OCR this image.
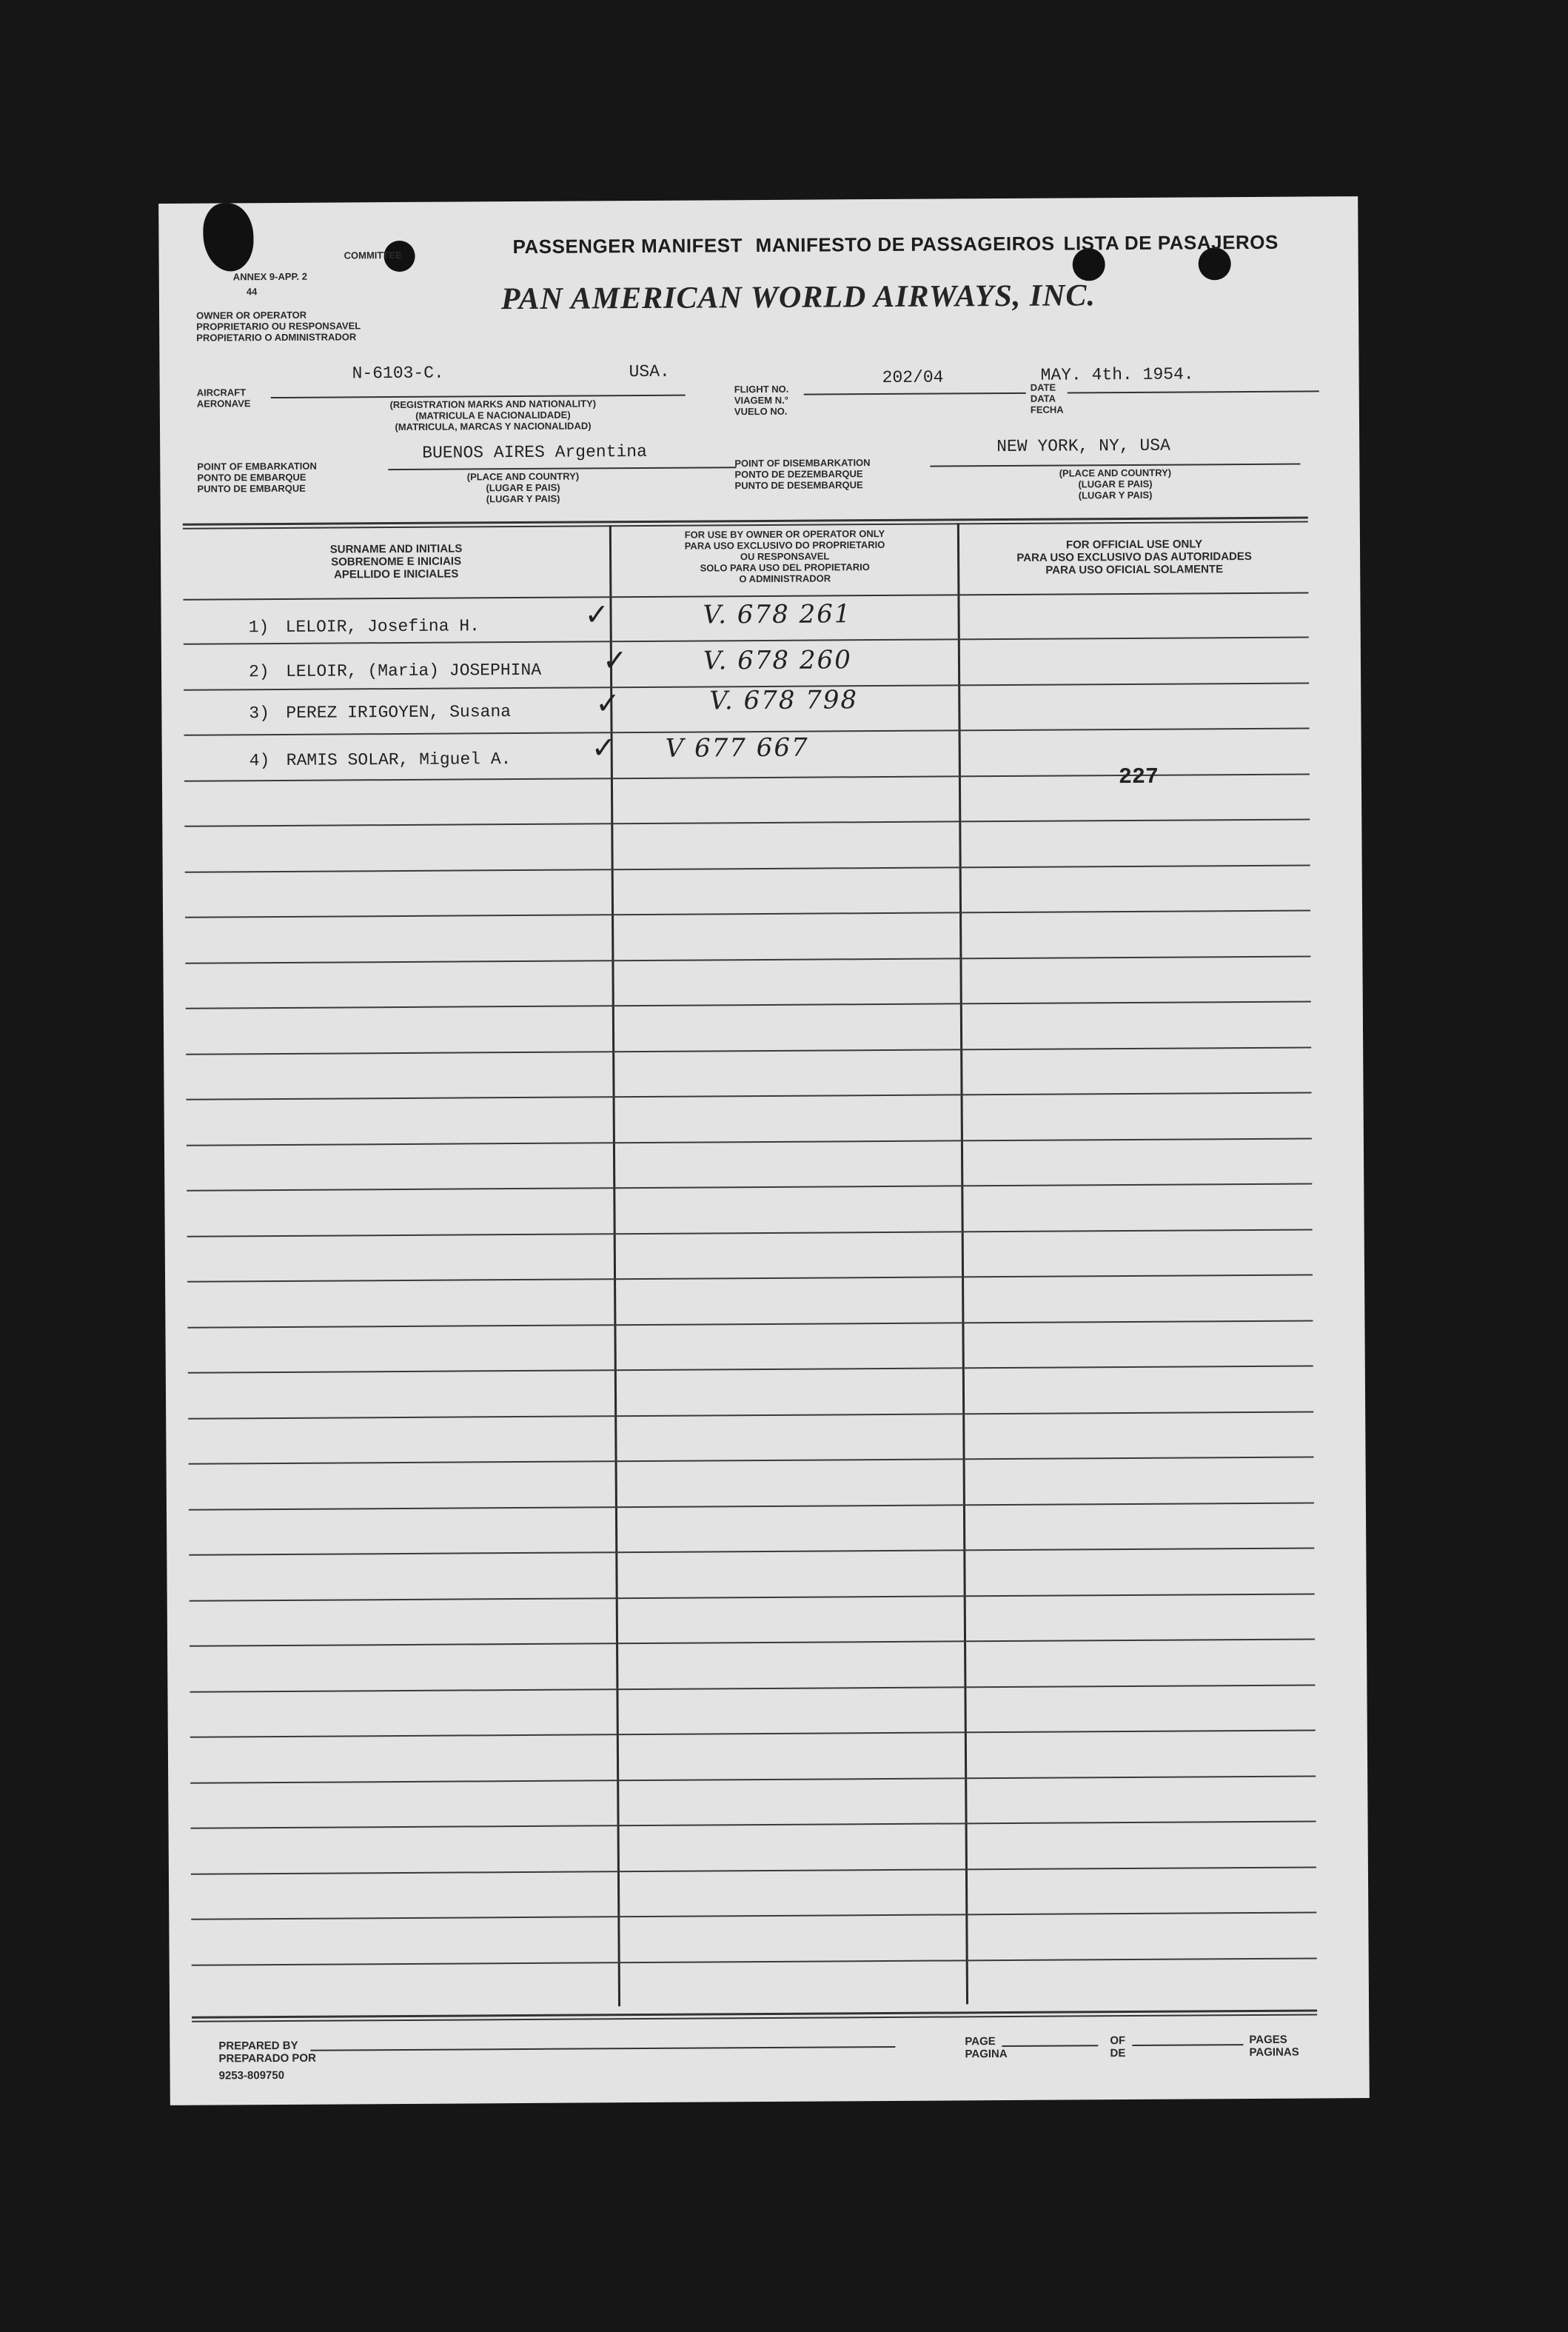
COMMITTEE
ANNEX 9-APP. 2
44
OWNER OR OPERATOR
PROPRIETARIO OU RESPONSAVEL
PROPIETARIO O ADMINISTRADOR
PASSENGER MANIFEST MANIFESTO DE PASSAGEIROS LISTA DE PASAJEROS
PAN AMERICAN WORLD AIRWAYS, INC.
AIRCRAFT
AERONAVE
N-6103-C.	USA.
(REGISTRATION MARKS AND NATIONALITY)
(MATRICULA E NACIONALIDADE)
(MATRICULA, MARCAS Y NACIONALIDAD)
FLIGHT NO.
VIAGEM N.°
VUELO NO.
202/04
DATE
DATA
FECHA
MAY. 4th. 1954.
POINT OF EMBARKATION
PONTO DE EMBARQUE
PUNTO DE EMBARQUE
BUENOS AIRES Argentina
(PLACE AND COUNTRY)
(LUGAR E PAIS)
(LUGAR Y PAIS)
POINT OF DISEMBARKATION
PONTO DE DEZEMBARQUE
PUNTO DE DESEMBARQUE
NEW YORK, NY, USA
(PLACE AND COUNTRY)
(LUGAR E PAIS)
(LUGAR Y PAIS)
SURNAME AND INITIALS
SOBRENOME E INICIAIS
APELLIDO E INICIALES
FOR USE BY OWNER OR OPERATOR ONLY
PARA USO EXCLUSIVO DO PROPRIETARIO
OU RESPONSAVEL
SOLO PARA USO DEL PROPIETARIO
O ADMINISTRADOR
FOR OFFICIAL USE ONLY
PARA USO EXCLUSIVO DAS AUTORIDADES
PARA USO OFICIAL SOLAMENTE
1) LELOIR, Josefina H.	✓	V. 678 261
2) LELOIR, (Maria) JOSEPHINA ✓	V. 678 260
3) PEREZ IRIGOYEN, Susana	✓	V. 678 798
4) RAMIS SOLAR, Miguel A.	✓ V 677 667
227
PREPARED BY
PREPARADO POR
9253-809750
PAGE
PAGINA
OF
DE
PAGES
PAGINAS
